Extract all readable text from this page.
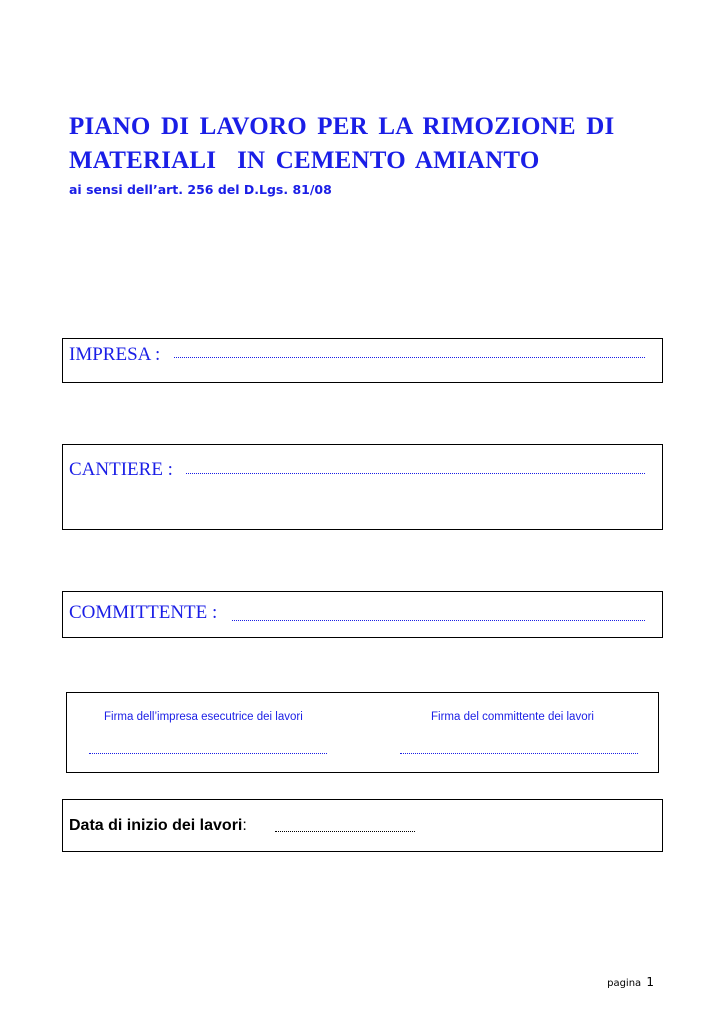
PIANO DI LAVORO PER LA RIMOZIONE DI
MATERIALI  IN CEMENTO AMIANTO
ai sensi dell’art. 256 del D.Lgs. 81/08
IMPRESA :
CANTIERE :
COMMITTENTE :
Firma dell’impresa esecutrice dei lavori	Firma del committente dei lavori
Data di inizio dei lavori:
pagina 1
